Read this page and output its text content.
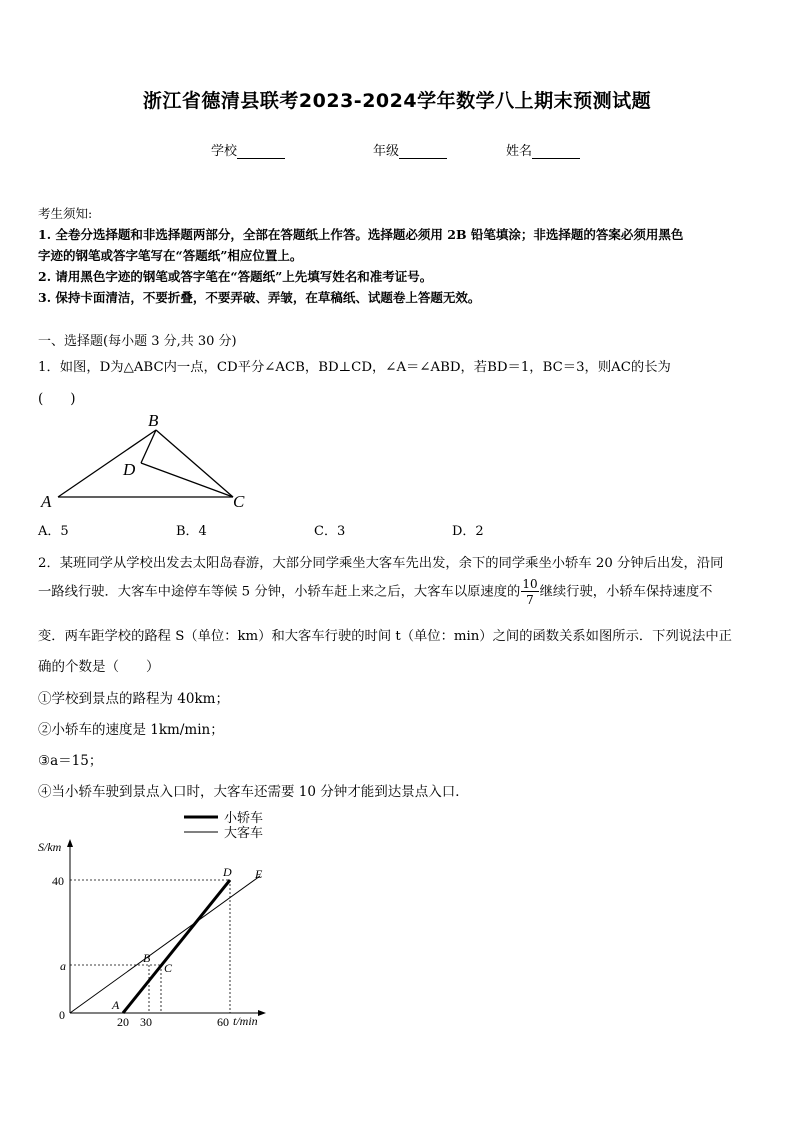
浙江省德清县联考2023-2024学年数学八上期末预测试题
学校	年级	姓名
考生须知:
1. 全卷分选择题和非选择题两部分，全部在答题纸上作答。选择题必须用 2B 铅笔填涂；非选择题的答案必须用黑色
字迹的钢笔或答字笔写在“答题纸”相应位置上。
2. 请用黑色字迹的钢笔或答字笔在“答题纸”上先填写姓名和准考证号。
3. 保持卡面清洁，不要折叠，不要弄破、弄皱，在草稿纸、试题卷上答题无效。
一、选择题(每小题 3 分,共 30 分)
1．如图，D为△ABC内一点，CD平分∠ACB，BD⊥CD，∠A＝∠ABD，若BD＝1，BC＝3，则AC的长为
(　　)
B
D
A	C
A．5	B．4	C．3	D．2
2．某班同学从学校出发去太阳岛春游，大部分同学乘坐大客车先出发，余下的同学乘坐小轿车 20 分钟后出发，沿同
一路线行驶．大客车中途停车等候 5 分钟，小轿车赶上来之后，大客车以原速度的 $\frac{10}{7}$ 继续行驶，小轿车保持速度不
变．两车距学校的路程 S（单位：km）和大客车行驶的时间 t（单位：min）之间的函数关系如图所示．下列说法中正
确的个数是（　　）
①学校到景点的路程为 40km；
②小轿车的速度是 1km/min；
③a＝15；
④当小轿车驶到景点入口时，大客车还需要 10 分钟才能到达景点入口．
小轿车
大客车
S/km
t/min
40
a
0	20 30	60
A
B
C
D E
